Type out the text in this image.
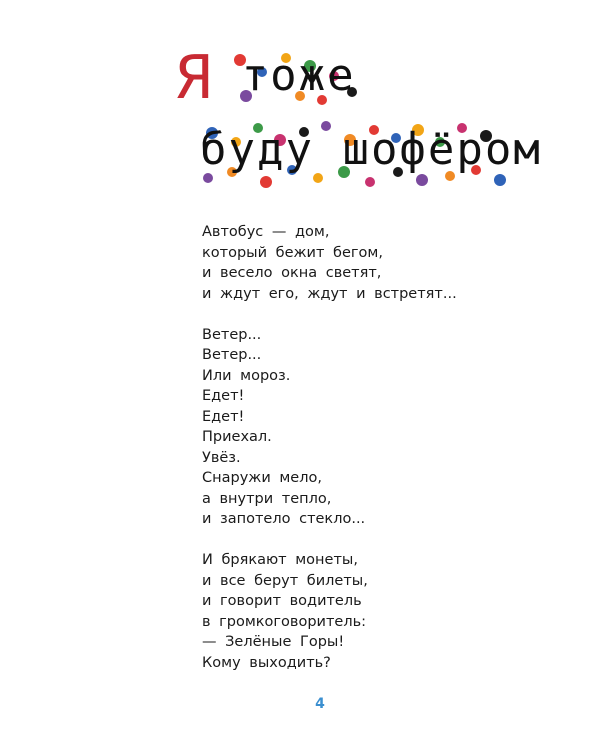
Я тоже
буду шофёром
Автобус — дом,
который бежит бегом,
и весело окна светят,
и ждут его, ждут и встретят...
Ветер...
Ветер...
Или мороз.
Едет!
Едет!
Приехал.
Увёз.
Снаружи мело,
а внутри тепло,
и запотело стекло...
И брякают монеты,
и все берут билеты,
и говорит водитель
в громкоговоритель:
— Зелёные Горы!
Кому выходить?
4
